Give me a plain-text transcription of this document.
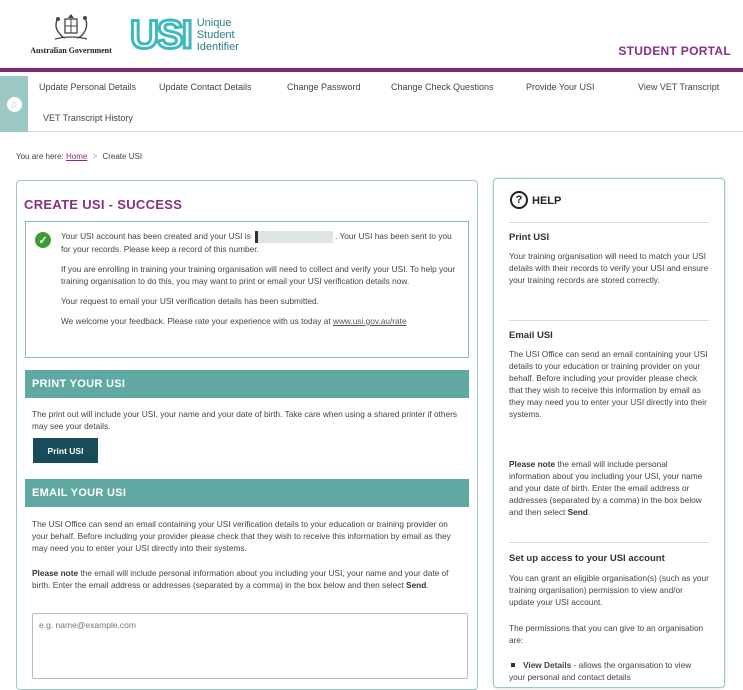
Australian Government USI Unique
Student
Identifier	STUDENT PORTAL
⌂
Update Personal Details	Update Contact Details	Change Password	Change Check Questions	Provide Your USI	View VET Transcript
VET Transcript History
You are here: Home > Create USI
CREATE USI - SUCCESS
✓	Your USI account has been created and your USI is	. Your USI has been sent to you for your records. Please keep a record of this number.

If you are enrolling in training your training organisation will need to collect and verify your USI. To help your training organisation to do this, you may want to print or email your USI verification details now.

Your request to email your USI verification details has been submitted.

We welcome your feedback. Please rate your experience with us today at www.usi.gov.au/rate

PRINT YOUR USI
The print out will include your USI, your name and your date of birth. Take care when using a shared printer if others may see your details.
Print USI
EMAIL YOUR USI
The USI Office can send an email containing your USI verification details to your education or training provider on your behalf. Before including your provider please check that they wish to receive this information by email as they may need you to enter your USI directly into their systems.
Please note the email will include personal information about you including your USI, your name and your date of birth. Enter the email address or addresses (separated by a comma) in the box below and then select Send.
e.g. name@example.com
? HELP
Print USI
Your training organisation will need to match your USI details with their records to verify your USI and ensure your training records are stored correctly.
Email USI
The USI Office can send an email containing your USI details to your education or training provider on your behalf. Before including your provider please check that they wish to receive this information by email as they may need you to enter your USI directly into their systems.
Please note the email will include personal information about you including your USI, your name and your date of birth. Enter the email address or addresses (separated by a comma) in the box below and then select Send.
Set up access to your USI account
You can grant an eligible organisation(s) (such as your training organisation) permission to view and/or update your USI account.
The permissions that you can give to an organisation are:
View Details - allows the organisation to view your personal and contact details
